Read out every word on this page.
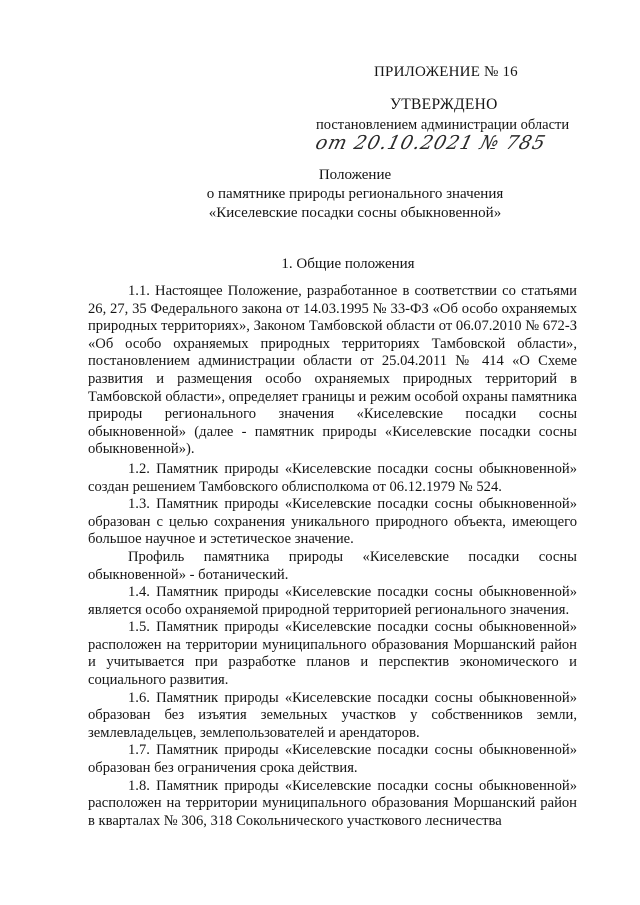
ПРИЛОЖЕНИЕ № 16
УТВЕРЖДЕНО
постановлением администрации области
от 20.10.2021 № 785
Положение
о памятнике природы регионального значения
«Киселевские посадки сосны обыкновенной»
1. Общие положения

1.1. Настоящее Положение, разработанное в соответствии со статьями 26, 27, 35 Федерального закона от 14.03.1995 № 33-ФЗ «Об особо охраняемых природных территориях», Законом Тамбовской области от 06.07.2010 № 672-З «Об особо охраняемых природных территориях Тамбовской области», постановлением администрации области от 25.04.2011 № 414 «О Схеме развития и размещения особо охраняемых природных территорий в Тамбовской области», определяет границы и режим особой охраны памятника природы регионального значения «Киселевские посадки сосны обыкновенной» (далее - памятник природы «Киселевские посадки сосны обыкновенной»).

1.2. Памятник природы «Киселевские посадки сосны обыкновенной» создан решением Тамбовского облисполкома от 06.12.1979 № 524.

1.3. Памятник природы «Киселевские посадки сосны обыкновенной» образован с целью сохранения уникального природного объекта, имеющего большое научное и эстетическое значение.

Профиль памятника природы «Киселевские посадки сосны обыкновенной» - ботанический.

1.4. Памятник природы «Киселевские посадки сосны обыкновенной» является особо охраняемой природной территорией регионального значения.

1.5. Памятник природы «Киселевские посадки сосны обыкновенной» расположен на территории муниципального образования Моршанский район и учитывается при разработке планов и перспектив экономического и социального развития.

1.6. Памятник природы «Киселевские посадки сосны обыкновенной» образован без изъятия земельных участков у собственников земли, землевладельцев, землепользователей и арендаторов.

1.7. Памятник природы «Киселевские посадки сосны обыкновенной» образован без ограничения срока действия.

1.8. Памятник природы «Киселевские посадки сосны обыкновенной» расположен на территории муниципального образования Моршанский район в кварталах № 306, 318 Сокольнического участкового лесничества
